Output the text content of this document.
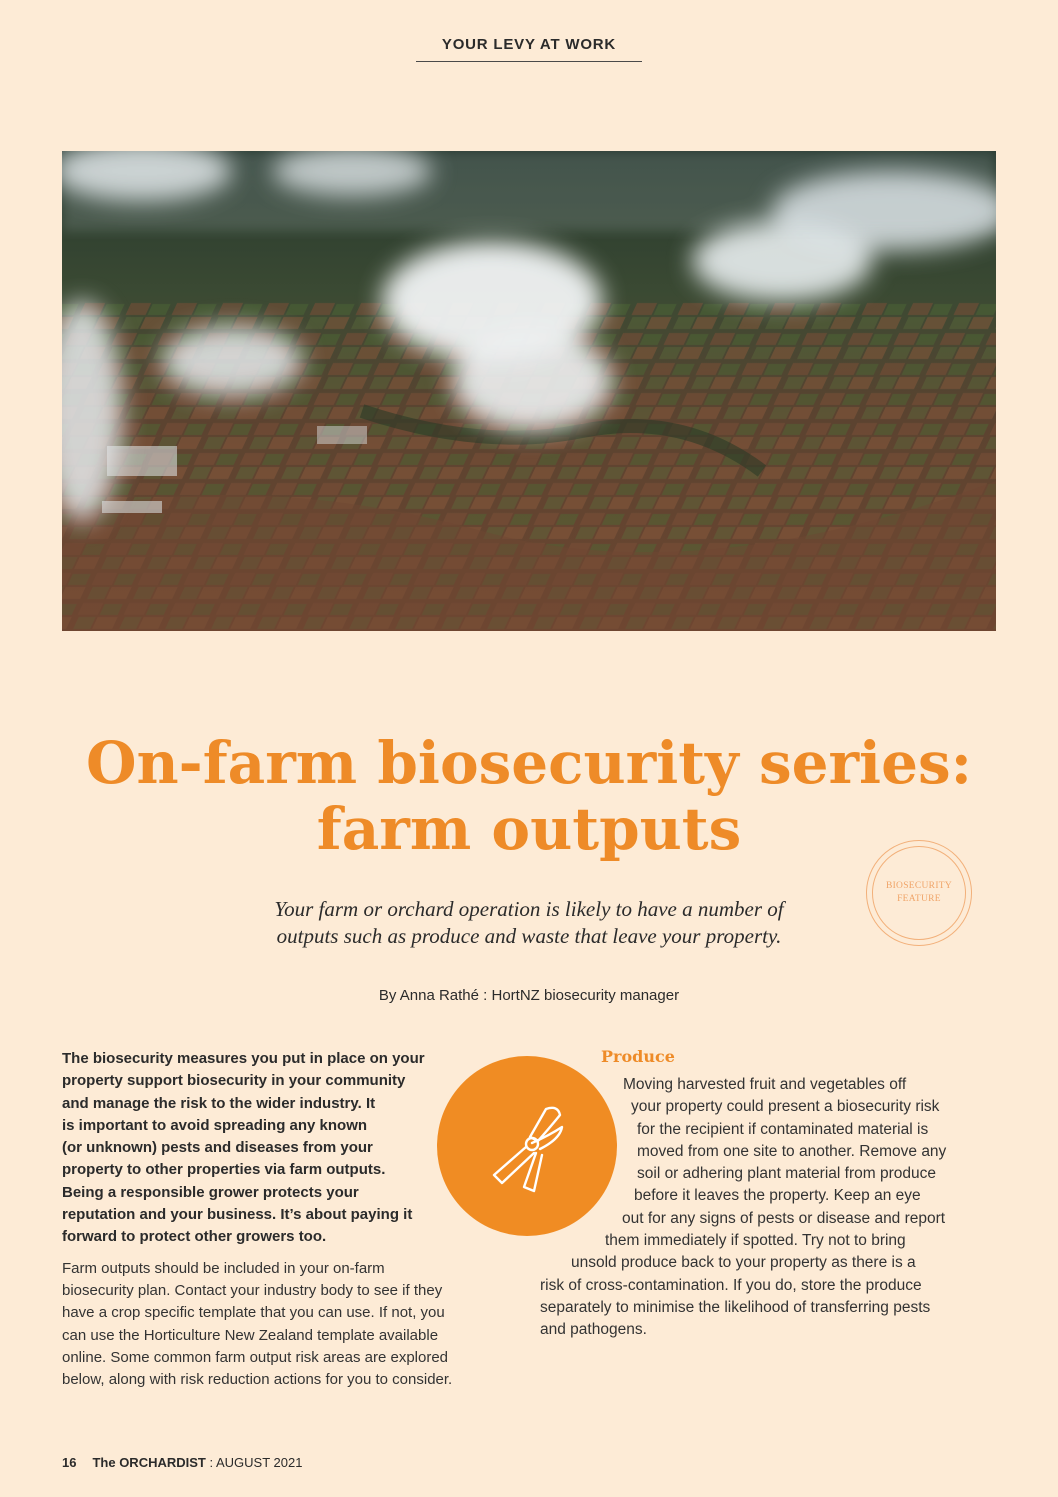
YOUR LEVY AT WORK
On-farm biosecurity series:
farm outputs
BIOSECURITY
FEATURE
Your farm or orchard operation is likely to have a number of
outputs such as produce and waste that leave your property.
By Anna Rathé : HortNZ biosecurity manager

The biosecurity measures you put in place on your
property support biosecurity in your community
and manage the risk to the wider industry. It
is important to avoid spreading any known
(or unknown) pests and diseases from your
property to other properties via farm outputs.
Being a responsible grower protects your
reputation and your business. It’s about paying it
forward to protect other growers too.

Farm outputs should be included in your on-farm
biosecurity plan. Contact your industry body to see if they
have a crop specific template that you can use. If not, you
can use the Horticulture New Zealand template available
online. Some common farm output risk areas are explored
below, along with risk reduction actions for you to consider.

Produce
Moving harvested fruit and vegetables off
your property could present a biosecurity risk
for the recipient if contaminated material is
moved from one site to another. Remove any
soil or adhering plant material from produce
before it leaves the property. Keep an eye
out for any signs of pests or disease and report
them immediately if spotted. Try not to bring
unsold produce back to your property as there is a
risk of cross-contamination. If you do, store the produce
separately to minimise the likelihood of transferring pests
and pathogens.
16 The ORCHARDIST : AUGUST 2021
